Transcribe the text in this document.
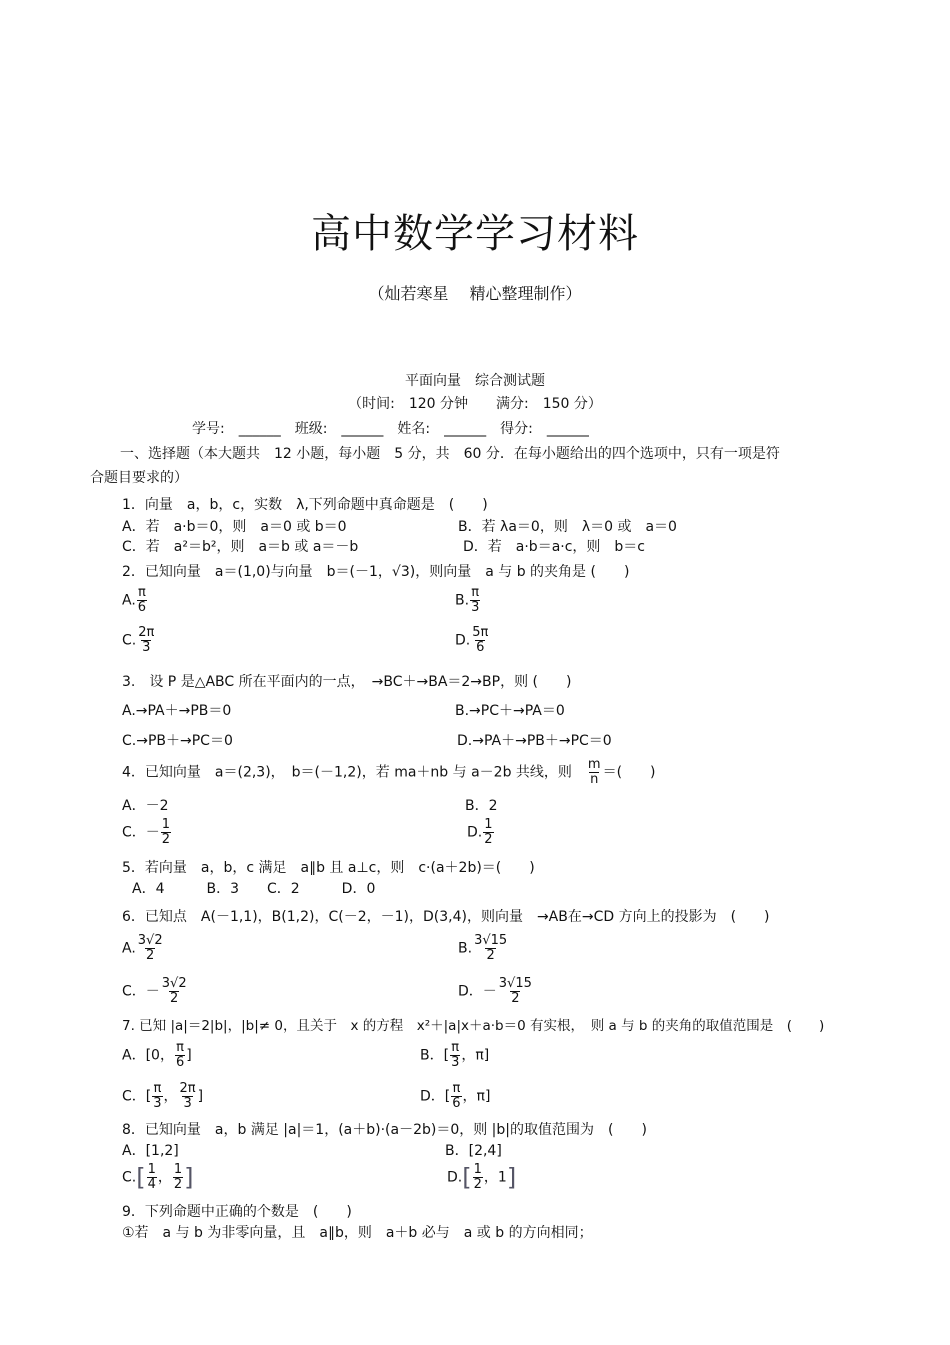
高中数学学习材料
（灿若寒星　 精心整理制作）
平面向量　综合测试题
（时间:　120 分钟　　满分:　150 分）
学号:　______　班级:　______　姓名:　______　得分:　______
一、选择题（本大题共　12 小题，每小题　5 分，共　60 分．在每小题给出的四个选项中，只有一项是符
合题目要求的）
1．向量　a，b，c，实数　λ,下列命题中真命题是　(　　)
A．若　a·b＝0，则　a＝0 或 b＝0	B．若 λa＝0，则　λ＝0 或　a＝0
C．若　a²＝b²，则　a＝b 或 a＝－b	D．若　a·b＝a·c，则　b＝c
2．已知向量　a＝(1,0)与向量　b＝(－1，√3)，则向量　a 与 b 的夹角是 (　　)
A. $\frac{\pi}{6}$	B. $\frac{\pi}{3}$
C. $\frac{2\pi}{3}$	D. $\frac{5\pi}{6}$
3.　设 P 是△ABC 所在平面内的一点，　→BC＋→BA＝2→BP，则 (　　)
A.→PA＋→PB＝0	B.→PC＋→PA＝0
C.→PB＋→PC＝0	D.→PA＋→PB＋→PC＝0
4．已知向量　a＝(2,3)，　b＝(－1,2)，若 ma＋nb 与 a－2b 共线，则　 $\frac{m}{n}$ ＝(　　)
A．－2	B．2
C．－ $\frac{1}{2}$	D. $\frac{1}{2}$
5．若向量　a，b，c 满足　a∥b 且 a⊥c，则　c·(a＋2b)＝(　　)
A．4　　　B．3　　C．2　　　D．0
6．已知点　A(－1,1)，B(1,2)，C(－2，－1)，D(3,4)，则向量　→AB在→CD 方向上的投影为　(　　)
A. $\frac{3√2}{2}$	B. $\frac{3√15}{2}$
C．－ $\frac{3√2}{2}$	D．－ $\frac{3√15}{2}$
7. 已知 |a|＝2|b|，|b|≠ 0，且关于　x 的方程　x²＋|a|x＋a·b＝0 有实根，　则 a 与 b 的夹角的取值范围是　(　　)
A．[0， $\frac{\pi}{6}$ ]	B．[ $\frac{\pi}{3}$ ，π]
C．[ $\frac{\pi}{3}$ ， $\frac{2\pi}{3}$ ]	D．[ $\frac{\pi}{6}$ ，π]
8．已知向量　a，b 满足 |a|＝1，(a＋b)·(a－2b)＝0，则 |b|的取值范围为　(　　)
A．[1,2]	B．[2,4]
$C.[ \frac{1}{4}$ ， $\frac{1}{2}$ ]	$D.[ \frac{1}{2}$ ，1]
9．下列命题中正确的个数是　(　　)
①若　a 与 b 为非零向量，且　a∥b，则　a＋b 必与　a 或 b 的方向相同；
